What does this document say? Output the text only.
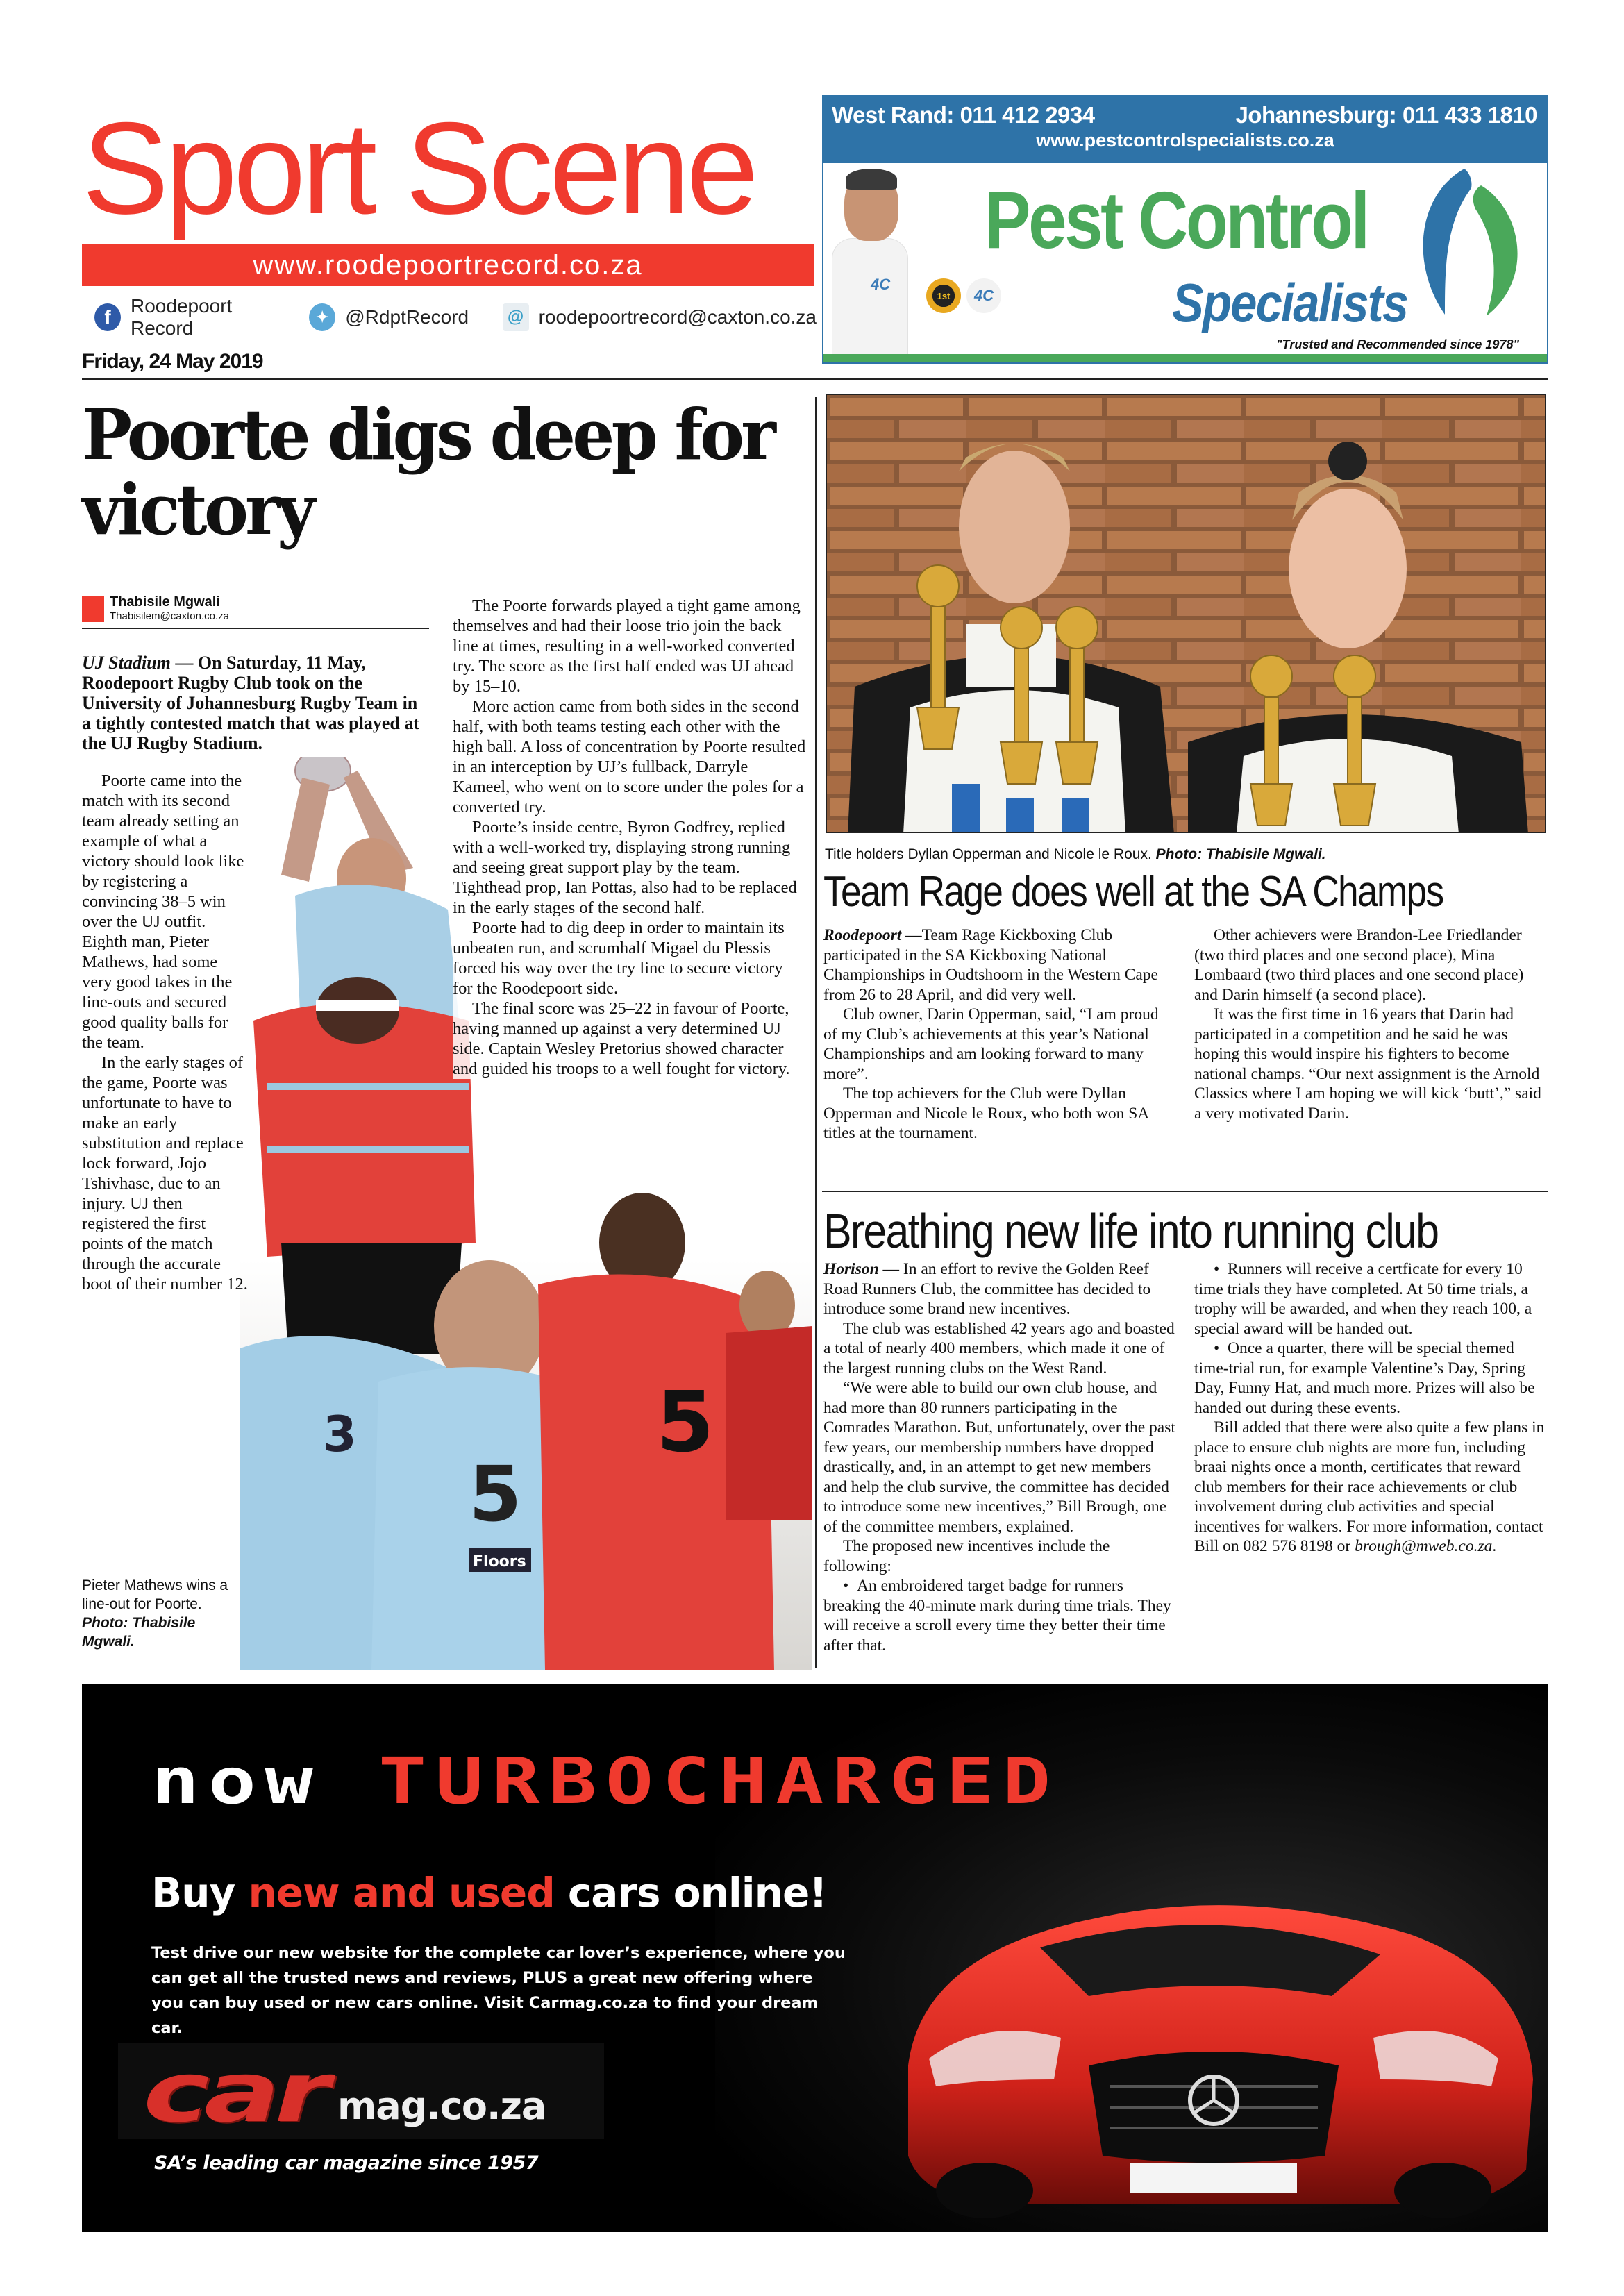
Sport Scene
www.roodepoortrecord.co.za
f
Roodepoort Record
✦ @RdptRecord	@ roodepoortrecord@caxton.co.za
Friday, 24 May 2019
West Rand: 011 412 2934	Johannesburg: 011 433 1810
www.pestcontrolspecialists.co.za
4C
Pest Control
1st	4C	Specialists
"Trusted and Recommended since 1978"
Poorte digs deep for victory
Thabisile Mgwali
Thabisilem@caxton.co.za
3
5
Floors
5

UJ Stadium — On Saturday, 11 May, Roodepoort Rugby Club took on the University of Johannesburg Rugby Team in a tightly contested match that was played at the UJ Rugby Stadium.

Poorte came into the match with its second team already setting an example of what a victory should look like by registering a convincing 38–5 win over the UJ outfit. Eighth man, Pieter Mathews, had some very good takes in the line-outs and secured good quality balls for the team.

In the early stages of the game, Poorte was unfortunate to have to make an early substitution and replace lock forward, Jojo Tshivhase, due to an injury. UJ then registered the first points of the match through the accurate boot of their number 12.

The Poorte forwards played a tight game among themselves and had their loose trio join the back line at times, resulting in a well-worked converted try. The score as the first half ended was UJ ahead by 15–10.

More action came from both sides in the second half, with both teams testing each other with the high ball. A loss of concentration by Poorte resulted in an interception by UJ’s fullback, Darryle Kameel, who went on to score under the poles for a converted try.

Poorte’s inside centre, Byron Godfrey, replied with a well-worked try, displaying strong running and seeing great support play by the team. Tighthead prop, Ian Pottas, also had to be replaced in the early stages of the second half.

Poorte had to dig deep in order to maintain its unbeaten run, and scrumhalf Migael du Plessis forced his way over the try line to secure victory for the Roodepoort side.

The final score was 25–22 in favour of Poorte, having manned up against a very determined UJ side. Captain Wesley Pretorius showed character and guided his troops to a well fought for victory.

Pieter Mathews wins a line-out for Poorte. Photo: Thabisile Mgwali.
Title holders Dyllan Opperman and Nicole le Roux. Photo: Thabisile Mgwali.
Team Rage does well at the SA Champs

Roodepoort —Team Rage Kickboxing Club participated in the SA Kickboxing National Championships in Oudtshoorn in the Western Cape from 26 to 28 April, and did very well.

Club owner, Darin Opperman, said, “I am proud of my Club’s achievements at this year’s National Championships and am looking forward to many more”.

The top achievers for the Club were Dyllan Opperman and Nicole le Roux, who both won SA titles at the tournament.

Other achievers were Brandon-Lee Friedlander (two third places and one second place), Mina Lombaard (two third places and one second place) and Darin himself (a second place).

It was the first time in 16 years that Darin had participated in a competition and he said he was hoping this would inspire his fighters to become national champs. “Our next assignment is the Arnold Classics where I am hoping we will kick ‘butt’,” said a very motivated Darin.

Breathing new life into running club

Horison — In an effort to revive the Golden Reef Road Runners Club, the committee has decided to introduce some brand new incentives.

The club was established 42 years ago and boasted a total of nearly 400 members, which made it one of the largest running clubs on the West Rand.

“We were able to build our own club house, and had more than 80 runners participating in the Comrades Marathon. But, unfortunately, over the past few years, our membership numbers have dropped drastically, and, in an attempt to get new members and help the club survive, the committee has decided to introduce some new incentives,” Bill Brough, one of the committee members, explained.

The proposed new incentives include the following:

•  An embroidered target badge for runners breaking the 40-minute mark during time trials. They will receive a scroll every time they better their time after that.

•  Runners will receive a certficate for every 10 time trials they have completed. At 50 time trials, a trophy will be awarded, and when they reach 100, a special award will be handed out.

•  Once a quarter, there will be special themed time-trial run, for example Valentine’s Day, Spring Day, Funny Hat, and much more. Prizes will also be handed out during these events.

Bill added that there were also quite a few plans in place to ensure club nights are more fun, including braai nights once a month, certificates that reward club members for their race achievements or club involvement during club activities and special incentives for walkers. For more information, contact Bill on 082 576 8198 or brough@mweb.co.za.

now TURBOCHARGED
Buy new and used cars online!
Test drive our new website for the complete car lover’s experience, where you can get all the trusted news and reviews, PLUS a great new offering where you can buy used or new cars online. Visit Carmag.co.za to find your dream car.
car mag.co.za
SA’s leading car magazine since 1957
